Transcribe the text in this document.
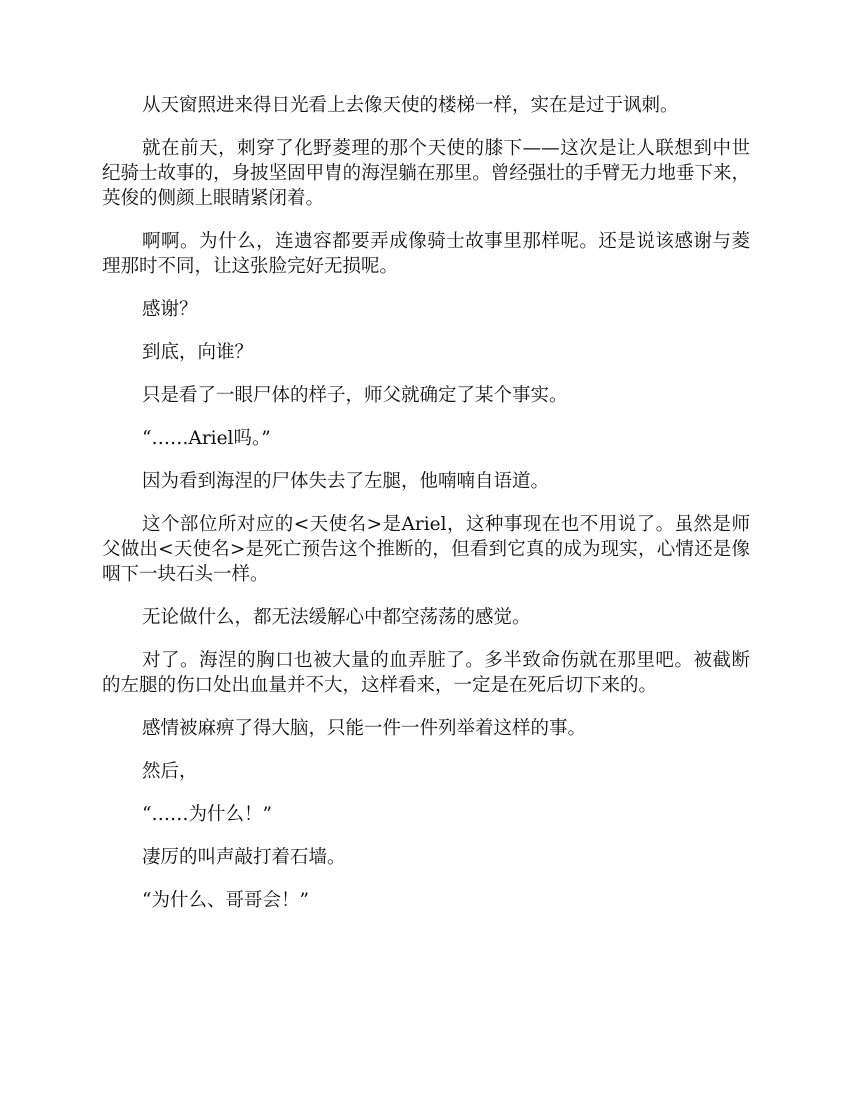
从天窗照进来得日光看上去像天使的楼梯一样，实在是过于讽刺。

就在前天，刺穿了化野菱理的那个天使的膝下——这次是让人联想到中世纪骑士故事的，身披坚固甲胄的海涅躺在那里。曾经强壮的手臂无力地垂下来，英俊的侧颜上眼睛紧闭着。

啊啊。为什么，连遗容都要弄成像骑士故事里那样呢。还是说该感谢与菱理那时不同，让这张脸完好无损呢。

感谢？

到底，向谁？

只是看了一眼尸体的样子，师父就确定了某个事实。

“……Ariel吗。”

因为看到海涅的尸体失去了左腿，他喃喃自语道。

这个部位所对应的<天使名>是Ariel，这种事现在也不用说了。虽然是师父做出<天使名>是死亡预告这个推断的，但看到它真的成为现实，心情还是像咽下一块石头一样。

无论做什么，都无法缓解心中都空荡荡的感觉。

对了。海涅的胸口也被大量的血弄脏了。多半致命伤就在那里吧。被截断的左腿的伤口处出血量并不大，这样看来，一定是在死后切下来的。

感情被麻痹了得大脑，只能一件一件列举着这样的事。

然后，

“……为什么！”

凄厉的叫声敲打着石墙。

“为什么、哥哥会！”
